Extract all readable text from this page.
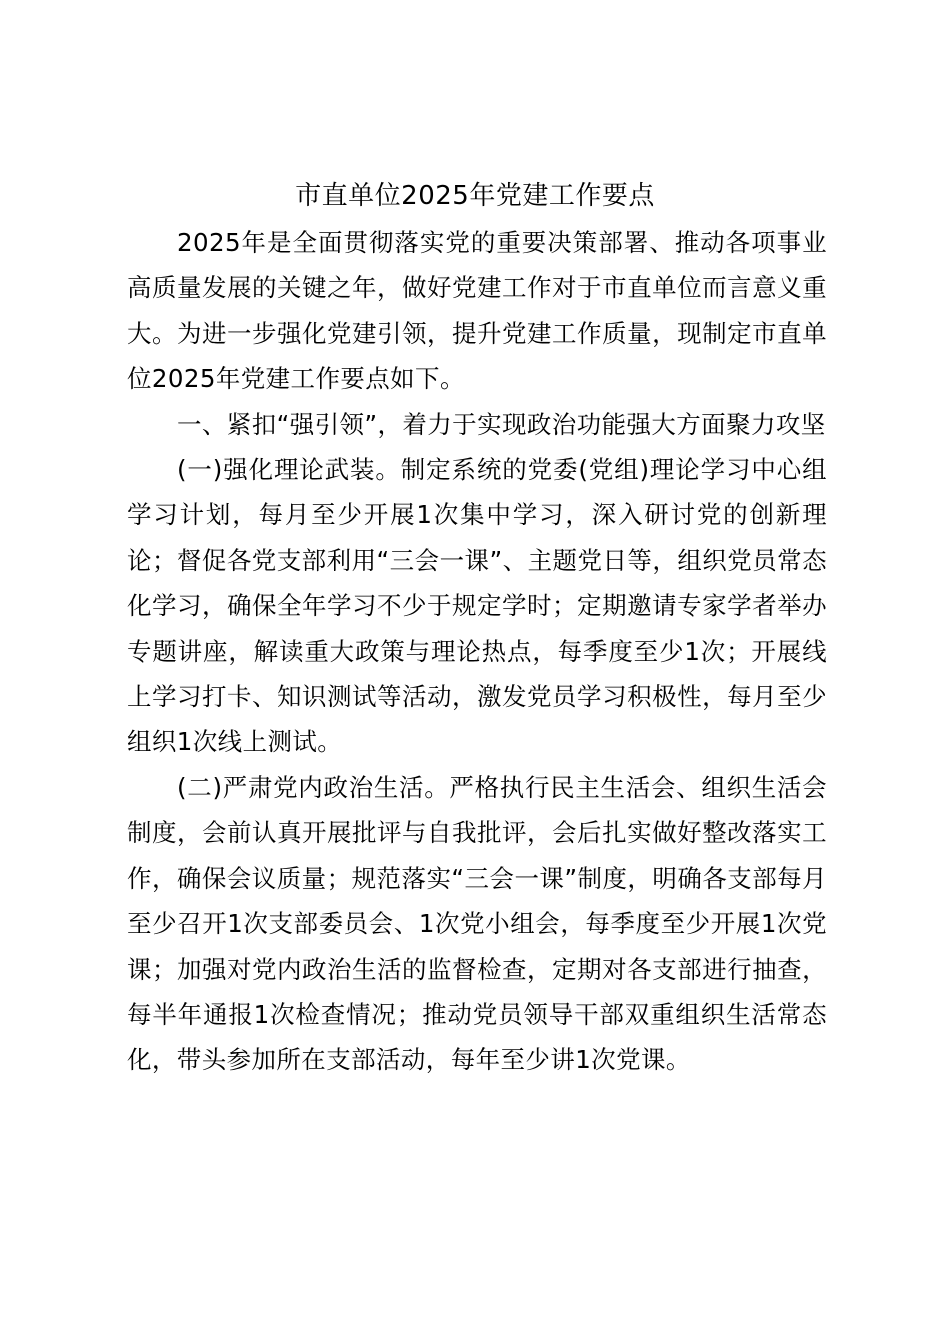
市直单位2025年党建工作要点

2025年是全面贯彻落实党的重要决策部署、推动各项事业高质量发展的关键之年，做好党建工作对于市直单位而言意义重大。为进一步强化党建引领，提升党建工作质量，现制定市直单位2025年党建工作要点如下。

一、紧扣“强引领”，着力于实现政治功能强大方面聚力攻坚

(一)强化理论武装。制定系统的党委(党组)理论学习中心组学习计划，每月至少开展1次集中学习，深入研讨党的创新理论；督促各党支部利用“三会一课”、主题党日等，组织党员常态化学习，确保全年学习不少于规定学时；定期邀请专家学者举办专题讲座，解读重大政策与理论热点，每季度至少1次；开展线上学习打卡、知识测试等活动，激发党员学习积极性，每月至少组织1次线上测试。

(二)严肃党内政治生活。严格执行民主生活会、组织生活会制度，会前认真开展批评与自我批评，会后扎实做好整改落实工作，确保会议质量；规范落实“三会一课”制度，明确各支部每月至少召开1次支部委员会、1次党小组会，每季度至少开展1次党课；加强对党内政治生活的监督检查，定期对各支部进行抽查，每半年通报1次检查情况；推动党员领导干部双重组织生活常态化，带头参加所在支部活动，每年至少讲1次党课。
